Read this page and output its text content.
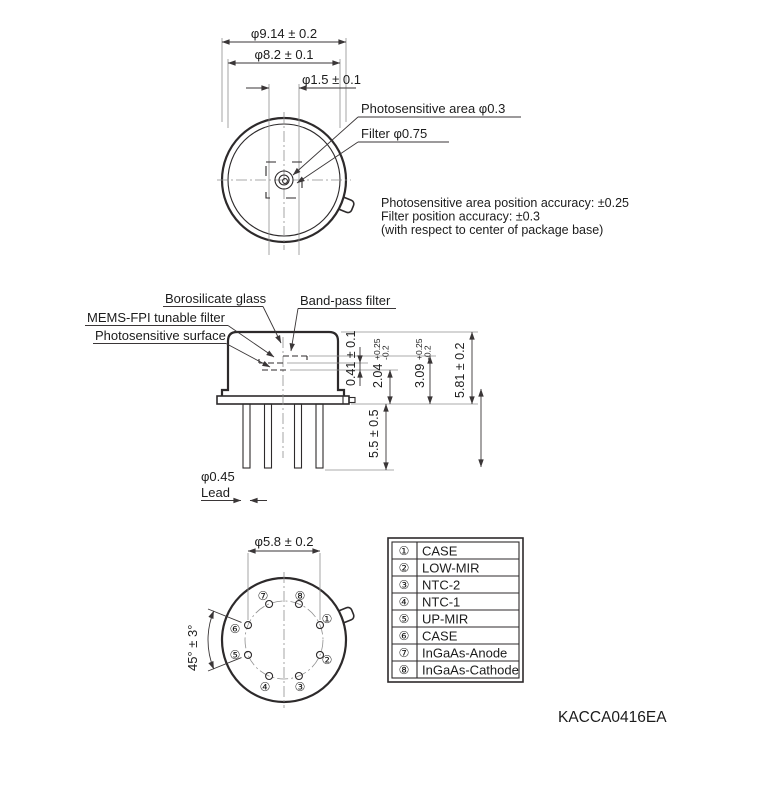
φ9.14 ± 0.2
φ8.2 ± 0.1
φ1.5 ± 0.1
Photosensitive area φ0.3
Filter φ0.75
Photosensitive area position accuracy: ±0.25
Filter position accuracy: ±0.3
(with respect to center of package base)
Borosilicate glass	Band-pass filter
MEMS-FPI tunable filter
Photosensitive surface	0.41 ± 0.1 2.04
+0.25
-0.2
3.09
+0.25
-0.2 5.81 ± 0.2
5.5 ± 0.5
φ0.45
Lead
①
②
③
④
⑤
⑥
⑦ ⑧
φ5.8 ± 0.2
45° ± 3°
① CASE
② LOW-MIR
③ NTC-2
④ NTC-1
⑤ UP-MIR
⑥ CASE
⑦ InGaAs-Anode
⑧ InGaAs-Cathode
KACCA0416EA
